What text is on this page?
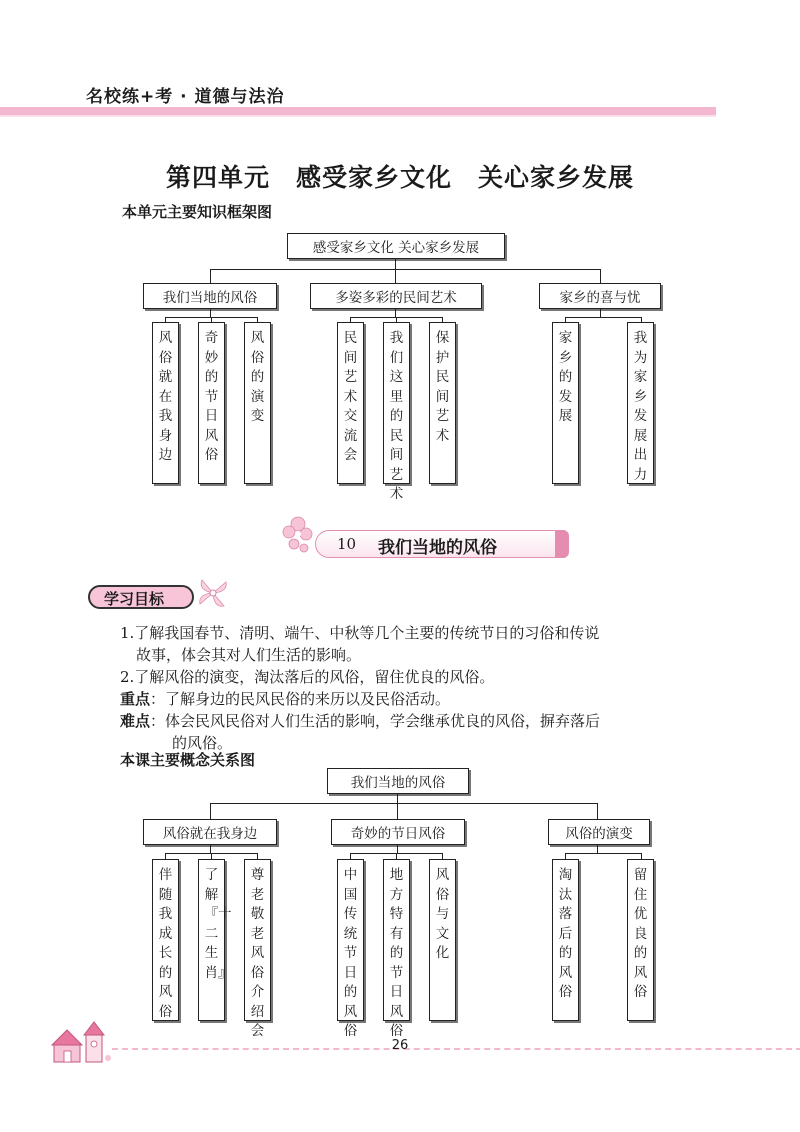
名校练+考 · 道德与法治
第四单元　感受家乡文化　关心家乡发展
本单元主要知识框架图
感受家乡文化 关心家乡发展
我们当地的风俗	多姿多彩的民间艺术	家乡的喜与忧
风俗就在我身边
奇妙的节日风俗
风俗的演变
民间艺术交流会
我们这里的民间艺术
保护民间艺术
家乡的发展
我为家乡发展出力
10 我们当地的风俗
学习目标
1.了解我国春节、清明、端午、中秋等几个主要的传统节日的习俗和传说
故事，体会其对人们生活的影响。
2.了解风俗的演变，淘汰落后的风俗，留住优良的风俗。
重点：了解身边的民风民俗的来历以及民俗活动。
难点：体会民风民俗对人们生活的影响，学会继承优良的风俗，摒弃落后
的风俗。
本课主要概念关系图
我们当地的风俗
风俗就在我身边	奇妙的节日风俗	风俗的演变
伴随我成长的风俗
了解『十二生肖』
尊老敬老风俗介绍会
中国传统节日的风俗
地方特有的节日风俗
风俗与文化
淘汰落后的风俗
留住优良的风俗
26
